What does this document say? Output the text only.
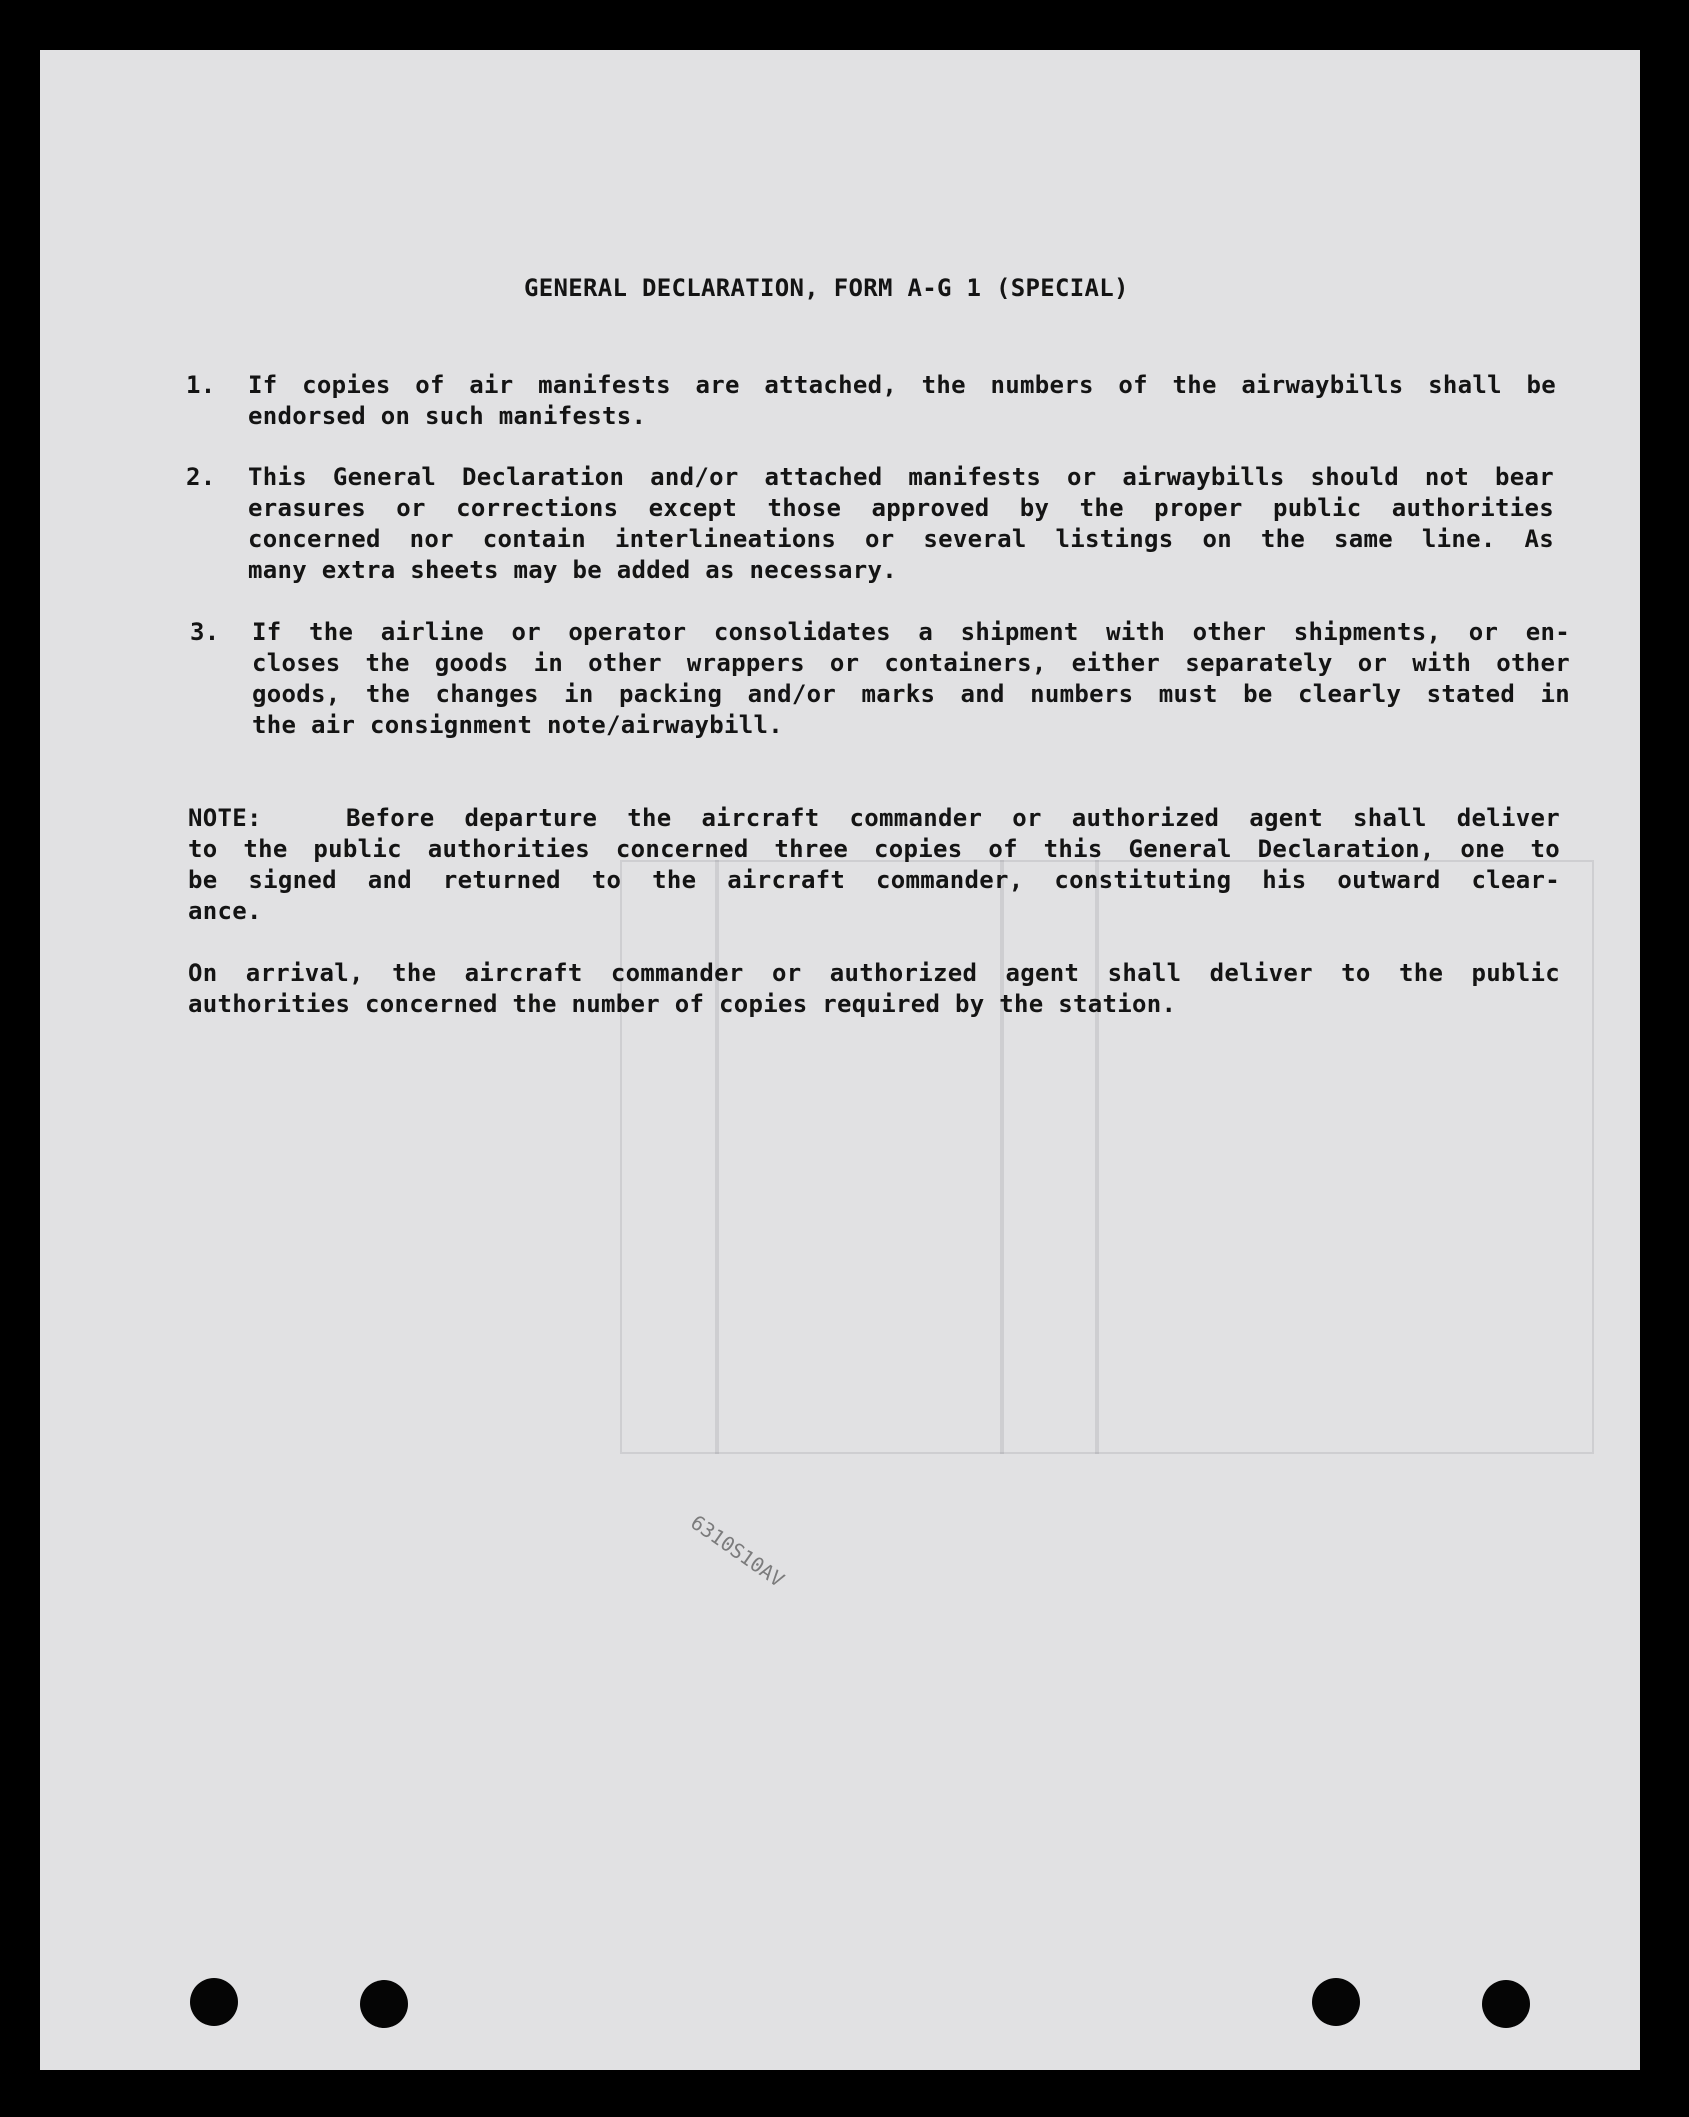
GENERAL DECLARATION, FORM A-G 1 (SPECIAL)
1. If copies of air manifests are attached, the numbers of the airwaybills shall be
endorsed on such manifests.
2. This General Declaration and/or attached manifests or airwaybills should not bear
erasures or corrections except those approved by the proper public authorities
concerned nor contain interlineations or several listings on the same line. As
many extra sheets may be added as necessary.
3. If the airline or operator consolidates a shipment with other shipments, or en-
closes the goods in other wrappers or containers, either separately or with other
goods, the changes in packing and/or marks and numbers must be clearly stated in
the air consignment note/airwaybill.
NOTE:	Before departure the aircraft commander or authorized agent shall deliver
to the public authorities concerned three copies of this General Declaration, one to
be signed and returned to the aircraft commander, constituting his outward clear-
ance.
On arrival, the aircraft commander or authorized agent shall deliver to the public
authorities concerned the number of copies required by the station.
6310S10AV
